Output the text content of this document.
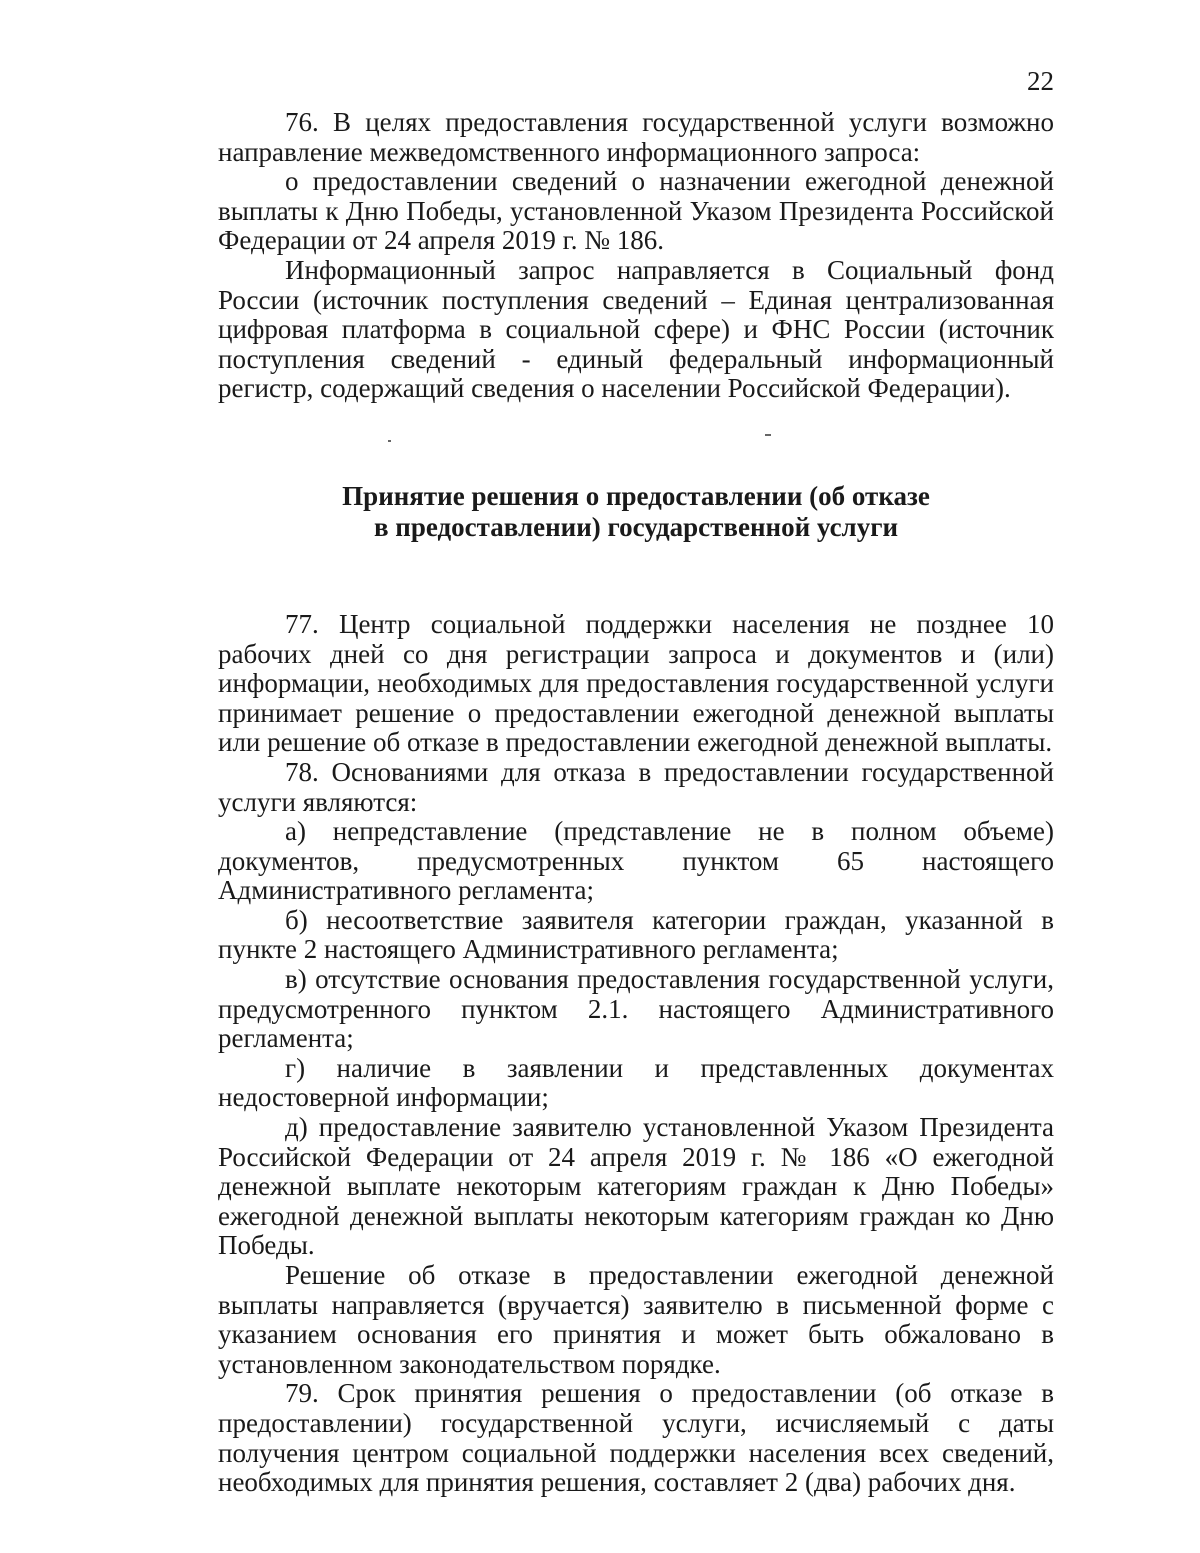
22

76. В целях предоставления государственной услуги возможно направление межведомственного информационного запроса:

о предоставлении сведений о назначении ежегодной денежной выплаты к Дню Победы, установленной Указом Президента Российской Федерации от 24 апреля 2019 г. № 186.

Информационный запрос направляется в Социальный фонд России (источник поступления сведений – Единая централизованная цифровая платформа в социальной сфере) и ФНС России (источник поступления сведений - единый федеральный информационный регистр, содержащий сведения о населении Российской Федерации).

Принятие решения о предоставлении (об отказе
в предоставлении) государственной услуги

77. Центр социальной поддержки населения не позднее 10 рабочих дней со дня регистрации запроса и документов и (или) информации, необходимых для предоставления государственной услуги принимает решение о предоставлении ежегодной денежной выплаты или решение об отказе в предоставлении ежегодной денежной выплаты.

78. Основаниями для отказа в предоставлении государственной услуги являются:

а) непредставление (представление не в полном объеме) документов, предусмотренных пунктом 65 настоящего Административного регламента;

б) несоответствие заявителя категории граждан, указанной в пункте 2 настоящего Административного регламента;

в) отсутствие основания предоставления государственной услуги, предусмотренного пунктом 2.1. настоящего Административного регламента;

г) наличие в заявлении и представленных документах недостоверной информации;

д) предоставление заявителю установленной Указом Президента Российской Федерации от 24 апреля 2019 г. № 186 «О ежегодной денежной выплате некоторым категориям граждан к Дню Победы» ежегодной денежной выплаты некоторым категориям граждан ко Дню Победы.

Решение об отказе в предоставлении ежегодной денежной выплаты направляется (вручается) заявителю в письменной форме с указанием основания его принятия и может быть обжаловано в установленном законодательством порядке.

79. Срок принятия решения о предоставлении (об отказе в предоставлении) государственной услуги, исчисляемый с даты получения центром социальной поддержки населения всех сведений, необходимых для принятия решения, составляет 2 (два) рабочих дня.
